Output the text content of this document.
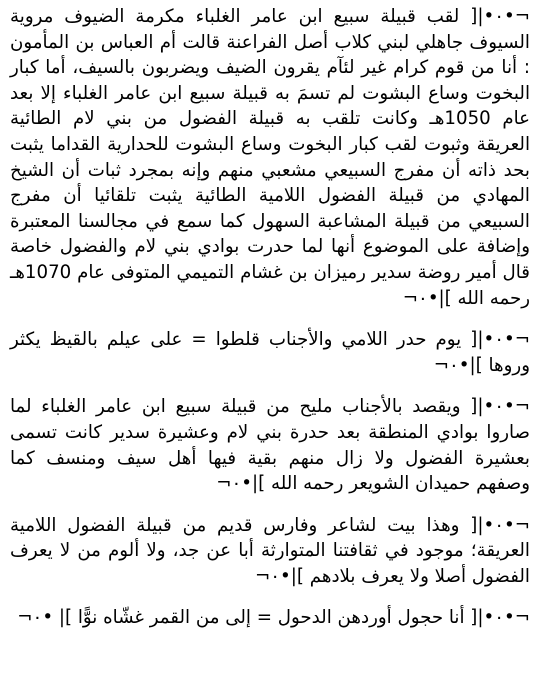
¬•٠•|[ لقب قبيلة سبيع ابن عامر الغلباء مكرمة الضيوف مروية السيوف جاهلي لبني كلاب أصل الفراعنة قالت أم العباس بن المأمون : أنا من قوم كرام غير لئآم يقرون الضيف ويضربون بالسيف، أما كبار البخوت وساع البشوت لم تسمَ به قبيلة سبيع ابن عامر الغلباء إلا بعد عام 1050هـ وكانت تلقب به قبيلة الفضول من بني لام الطائية العريقة وثبوت لقب كبار البخوت وساع البشوت للحدارية القداما يثبت بحد ذاته أن مفرج السبيعي مشعبي منهم وإنه بمجرد ثبات أن الشيخ المهادي من قبيلة الفضول اللامية الطائية يثبت تلقائيا أن مفرج السبيعي من قبيلة المشاعبة السهول كما سمع في مجالسنا المعتبرة وإضافة على الموضوع أنها لما حدرت بوادي بني لام والفضول خاصة قال أمير روضة سدير رميزان بن غشام التميمي المتوفى عام 1070هـ رحمه الله ]|•٠¬

¬•٠•|[ يوم حدر اللامي والأجناب قلطوا = على عيلم بالقيظ يكثر وروها ]|•٠¬

¬•٠•|[ ويقصد بالأجناب مليح من قبيلة سبيع ابن عامر الغلباء لما صاروا بوادي المنطقة بعد حدرة بني لام وعشيرة سدير كانت تسمى بعشيرة الفضول ولا زال منهم بقية فيها أهل سيف ومنسف كما وصفهم حميدان الشويعر رحمه الله ]|•٠¬

¬•٠•|[ وهذا بيت لشاعر وفارس قديم من قبيلة الفضول اللامية العريقة؛ موجود في ثقافتنا المتوارثة أبا عن جد، ولا ألوم من لا يعرف الفضول أصلا ولا يعرف بلادهم ]|•٠¬

¬•٠•|[ أنا حجول أوردهن الدحول = إلى من القمر غشّاه نوًّا ]| •٠¬
